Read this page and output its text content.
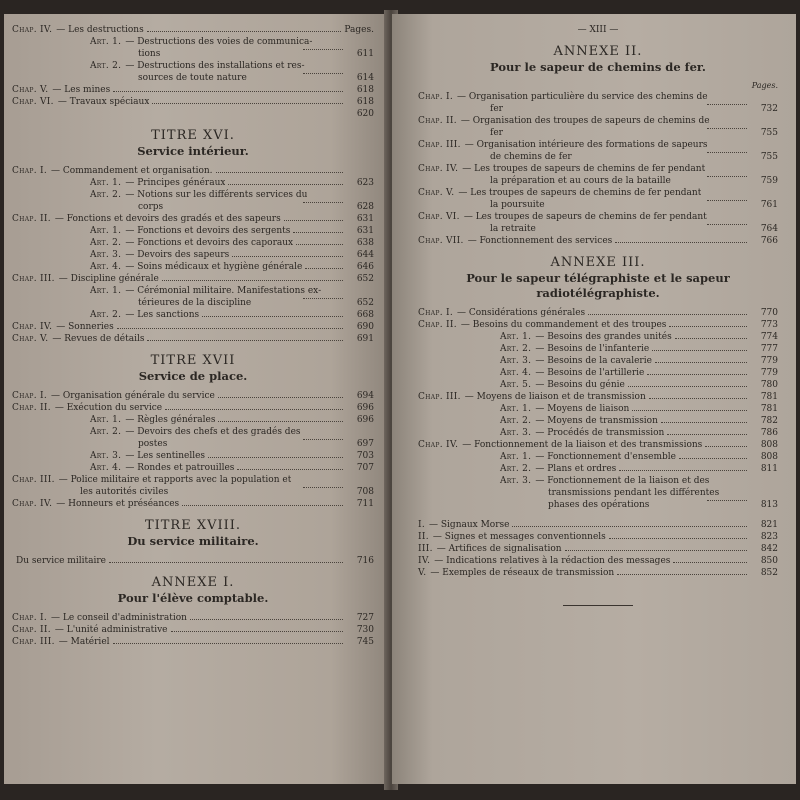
Chap. IV. — Les destructions	Pages.
Art. 1. — Destructions des voies de communica-
tions	611
Art. 2. — Destructions des installations et res-
sources de toute nature	614
Chap. V. — Les mines	618
Chap. VI. — Travaux spéciaux	618
620
TITRE XVI.
Service intérieur.
Chap. I. — Commandement et organisation.
Art. 1. — Principes généraux	623
Art. 2. — Notions sur les différents services du
corps	628
Chap. II. — Fonctions et devoirs des gradés et des sapeurs	631
Art. 1. — Fonctions et devoirs des sergents	631
Art. 2. — Fonctions et devoirs des caporaux	638
Art. 3. — Devoirs des sapeurs	644
Art. 4. — Soins médicaux et hygiène générale	646
Chap. III. — Discipline générale	652
Art. 1. — Cérémonial militaire. Manifestations ex-
térieures de la discipline	652
Art. 2. — Les sanctions	668
Chap. IV. — Sonneries	690
Chap. V. — Revues de détails	691
TITRE XVII
Service de place.
Chap. I. — Organisation générale du service	694
Chap. II. — Exécution du service	696
Art. 1. — Règles générales	696
Art. 2. — Devoirs des chefs et des gradés des
postes	697
Art. 3. — Les sentinelles	703
Art. 4. — Rondes et patrouilles	707
Chap. III. — Police militaire et rapports avec la population et
les autorités civiles	708
Chap. IV. — Honneurs et préséances	711
TITRE XVIII.
Du service militaire.
Du service militaire	716
ANNEXE I.
Pour l'élève comptable.
Chap. I. — Le conseil d'administration	727
Chap. II. — L'unité administrative	730
Chap. III. — Matériel	745
— XIII —
ANNEXE II.
Pour le sapeur de chemins de fer.
Pages.
Chap. I. — Organisation particulière du service des chemins de
fer	732
Chap. II. — Organisation des troupes de sapeurs de chemins de
fer	755
Chap. III. — Organisation intérieure des formations de sapeurs
de chemins de fer	755
Chap. IV. — Les troupes de sapeurs de chemins de fer pendant
la préparation et au cours de la bataille	759
Chap. V. — Les troupes de sapeurs de chemins de fer pendant
la poursuite	761
Chap. VI. — Les troupes de sapeurs de chemins de fer pendant
la retraite	764
Chap. VII. — Fonctionnement des services	766
ANNEXE III.
Pour le sapeur télégraphiste et le sapeur radiotélégraphiste.
Chap. I. — Considérations générales	770
Chap. II. — Besoins du commandement et des troupes	773
Art. 1. — Besoins des grandes unités	774
Art. 2. — Besoins de l'infanterie	777
Art. 3. — Besoins de la cavalerie	779
Art. 4. — Besoins de l'artillerie	779
Art. 5. — Besoins du génie	780
Chap. III. — Moyens de liaison et de transmission	781
Art. 1. — Moyens de liaison	781
Art. 2. — Moyens de transmission	782
Art. 3. — Procédés de transmission	786
Chap. IV. — Fonctionnement de la liaison et des transmissions	808
Art. 1. — Fonctionnement d'ensemble	808
Art. 2. — Plans et ordres	811
Art. 3. — Fonctionnement de la liaison et des
transmissions pendant les différentes
phases des opérations	813
I. — Signaux Morse	821
II. — Signes et messages conventionnels	823
III. — Artifices de signalisation	842
IV. — Indications relatives à la rédaction des messages	850
V. — Exemples de réseaux de transmission	852
